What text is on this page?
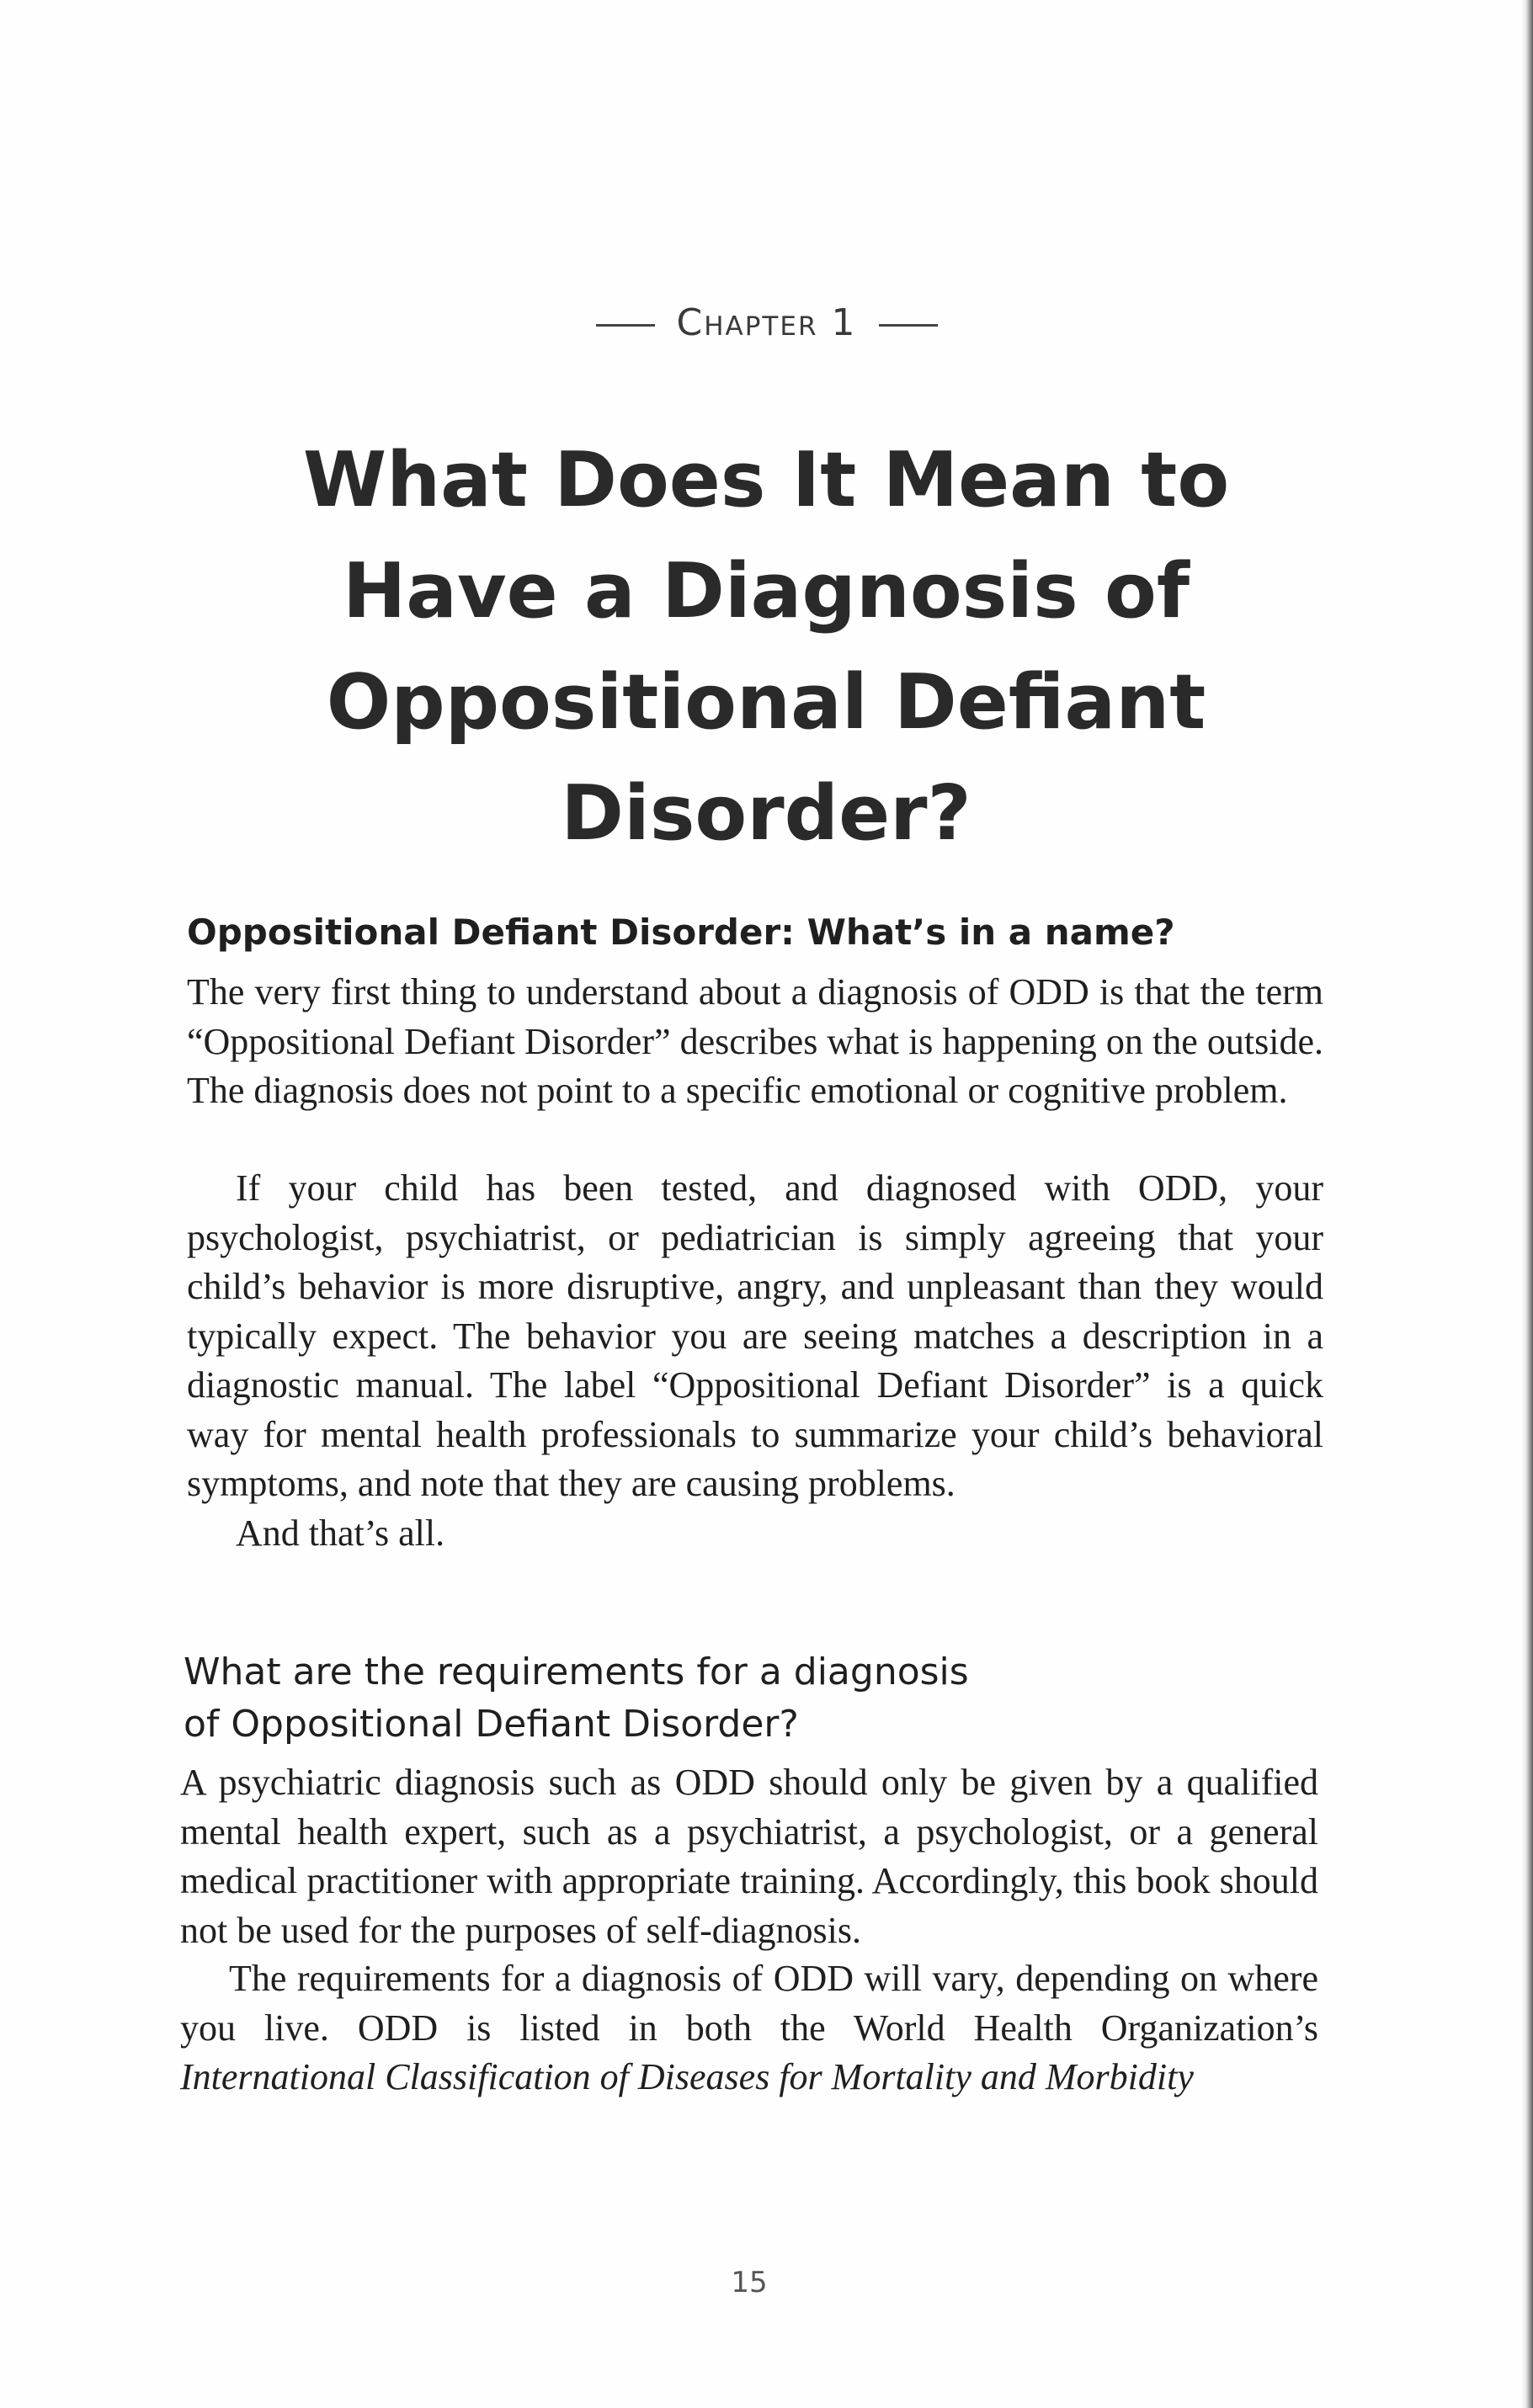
Chapter 1
What Does It Mean to Have a Diagnosis of Oppositional Defiant Disorder?
Oppositional Defiant Disorder: What’s in a name?

The very first thing to understand about a diagnosis of ODD is that the term “Oppositional Defiant Disorder” describes what is happening on the outside. The diagnosis does not point to a specific emotional or cognitive problem.

If your child has been tested, and diagnosed with ODD, your psychologist, psychiatrist, or pediatrician is simply agreeing that your child’s behavior is more disruptive, angry, and unpleasant than they would typically expect. The behavior you are seeing matches a description in a diagnostic manual. The label “Oppositional Defiant Disorder” is a quick way for mental health professionals to summarize your child’s behavioral symptoms, and note that they are causing problems.

And that’s all.

What are the requirements for a diagnosis
of Oppositional Defiant Disorder?

A psychiatric diagnosis such as ODD should only be given by a qualified mental health expert, such as a psychiatrist, a psychologist, or a general medical practitioner with appropriate training. Accordingly, this book should not be used for the purposes of self-diagnosis.

The requirements for a diagnosis of ODD will vary, depending on where you live. ODD is listed in both the World Health Organization’s International Classification of Diseases for Mortality and Morbidity

15
